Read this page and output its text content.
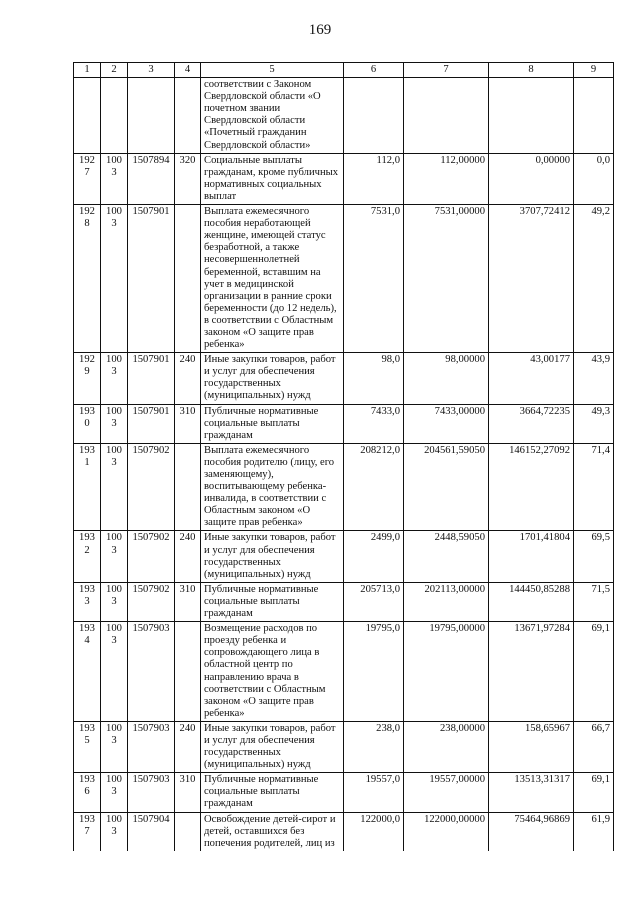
169
1	2	3	4	5	6	7	8	9
				соответствии с Законом Свердловской области «О почетном звании Свердловской области «Почетный гражданин Свердловской области»				
1927	1003	1507894	320	Социальные выплаты гражданам, кроме публичных нормативных социальных выплат	112,0	112,00000	0,00000	0,0
1928	1003	1507901		Выплата ежемесячного пособия неработающей женщине, имеющей статус безработной, а также несовершеннолетней беременной, вставшим на учет в медицинской организации в ранние сроки беременности (до 12 недель), в соответствии с Областным законом «О защите прав ребенка»	7531,0	7531,00000	3707,72412	49,2
1929	1003	1507901	240	Иные закупки товаров, работ и услуг для обеспечения государственных (муниципальных) нужд	98,0	98,00000	43,00177	43,9
1930	1003	1507901	310	Публичные нормативные социальные выплаты гражданам	7433,0	7433,00000	3664,72235	49,3
1931	1003	1507902		Выплата ежемесячного пособия родителю (лицу, его заменяющему), воспитывающему ребенка-инвалида, в соответствии с Областным законом «О защите прав ребенка»	208212,0	204561,59050	146152,27092	71,4
1932	1003	1507902	240	Иные закупки товаров, работ и услуг для обеспечения государственных (муниципальных) нужд	2499,0	2448,59050	1701,41804	69,5
1933	1003	1507902	310	Публичные нормативные социальные выплаты гражданам	205713,0	202113,00000	144450,85288	71,5
1934	1003	1507903		Возмещение расходов по проезду ребенка и сопровождающего лица в областной центр по направлению врача в соответствии с Областным законом «О защите прав ребенка»	19795,0	19795,00000	13671,97284	69,1
1935	1003	1507903	240	Иные закупки товаров, работ и услуг для обеспечения государственных (муниципальных) нужд	238,0	238,00000	158,65967	66,7
1936	1003	1507903	310	Публичные нормативные социальные выплаты гражданам	19557,0	19557,00000	13513,31317	69,1
1937	1003	1507904		Освобождение детей-сирот и детей, оставшихся без попечения родителей, лиц из	122000,0	122000,00000	75464,96869	61,9
